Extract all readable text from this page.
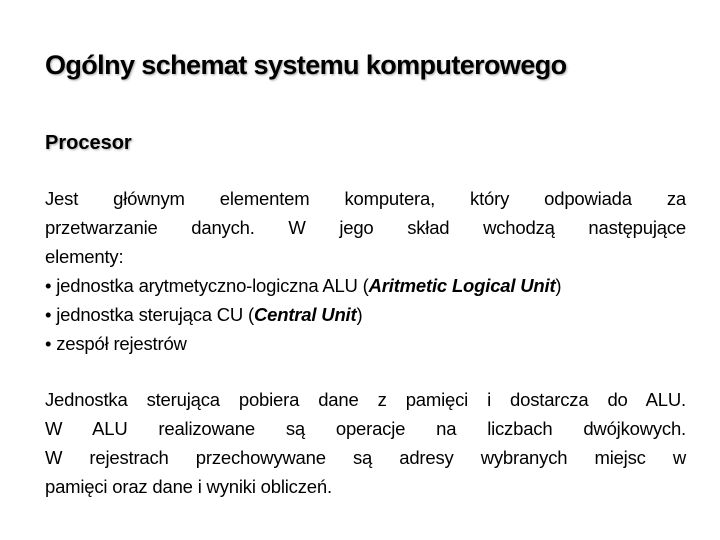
Ogólny schemat systemu komputerowego
Procesor
Jest głównym elementem komputera, który odpowiada za
przetwarzanie danych. W jego skład wchodzą następujące
elementy:
• jednostka arytmetyczno-logiczna ALU (Aritmetic Logical Unit)
• jednostka sterująca CU (Central Unit)
• zespół rejestrów
Jednostka sterująca pobiera dane z pamięci i dostarcza do ALU.
W ALU realizowane są operacje na liczbach dwójkowych.
W rejestrach przechowywane są adresy wybranych miejsc w
pamięci oraz dane i wyniki obliczeń.
